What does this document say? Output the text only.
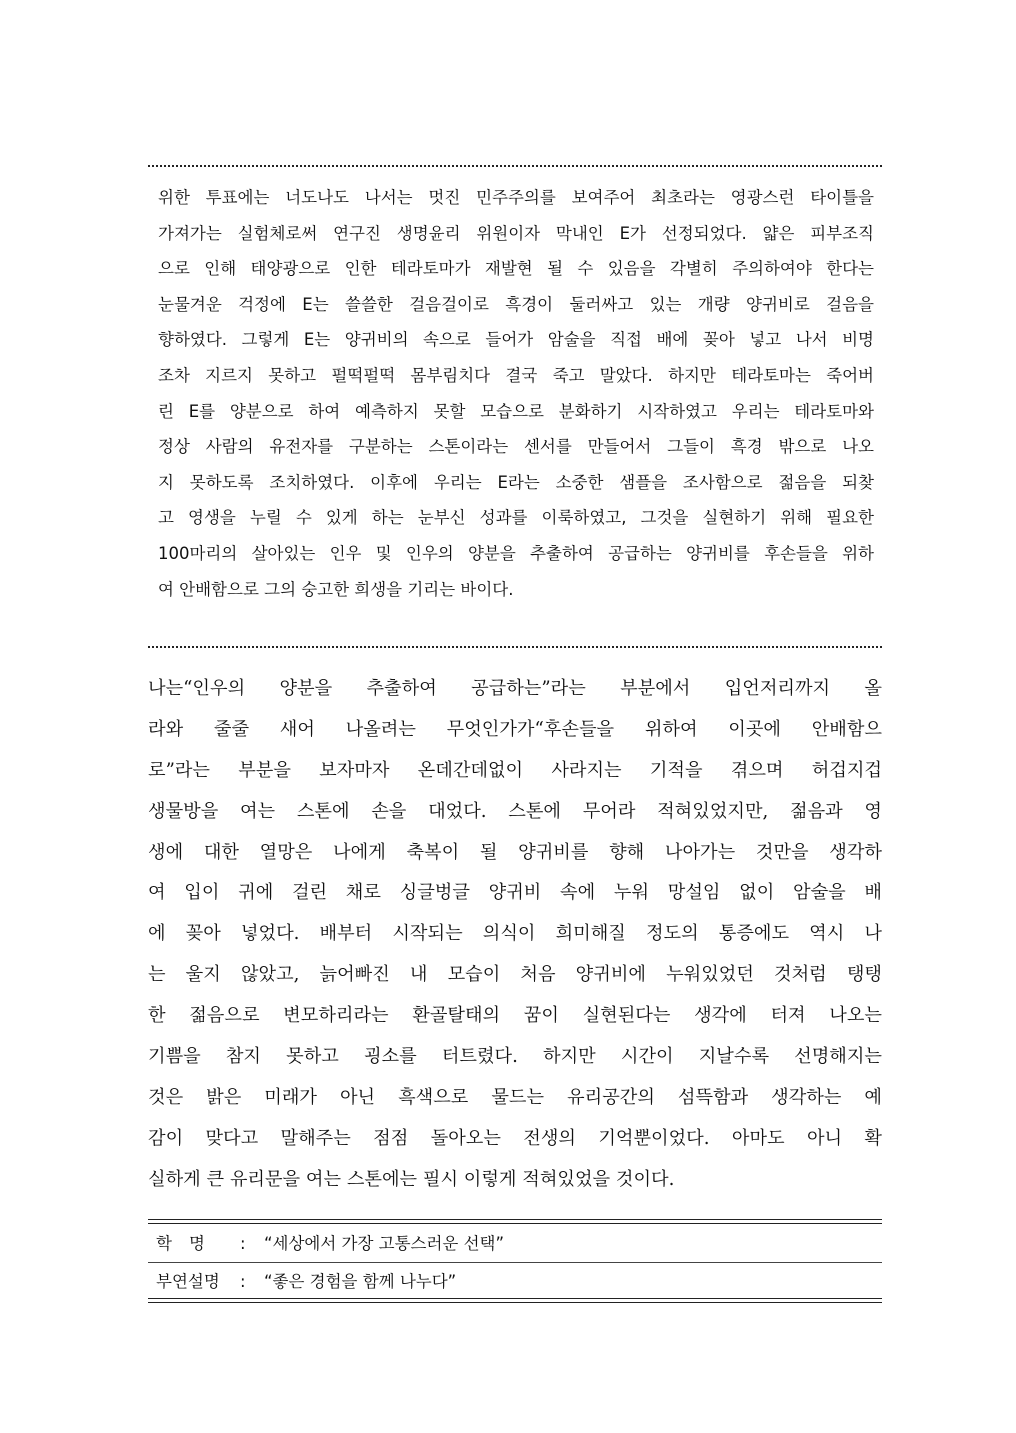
위한 투표에는 너도나도 나서는 멋진 민주주의를 보여주어 최초라는 영광스런 타이틀을
가져가는 실험체로써 연구진 생명윤리 위원이자 막내인 E가 선정되었다. 얇은 피부조직
으로 인해 태양광으로 인한 테라토마가 재발현 될 수 있음을 각별히 주의하여야 한다는
눈물겨운 걱정에 E는 쓸쓸한 걸음걸이로 흑경이 둘러싸고 있는 개량 양귀비로 걸음을
향하였다. 그렇게 E는 양귀비의 속으로 들어가 암술을 직접 배에 꽂아 넣고 나서 비명
조차 지르지 못하고 펄떡펄떡 몸부림치다 결국 죽고 말았다. 하지만 테라토마는 죽어버
린 E를 양분으로 하여 예측하지 못할 모습으로 분화하기 시작하였고 우리는 테라토마와
정상 사람의 유전자를 구분하는 스톤이라는 센서를 만들어서 그들이 흑경 밖으로 나오
지 못하도록 조치하였다. 이후에 우리는 E라는 소중한 샘플을 조사함으로 젊음을 되찾
고 영생을 누릴 수 있게 하는 눈부신 성과를 이룩하였고, 그것을 실현하기 위해 필요한
100마리의 살아있는 인우 및 인우의 양분을 추출하여 공급하는 양귀비를 후손들을 위하
여 안배함으로 그의 숭고한 희생을 기리는 바이다.
나는“인우의 양분을 추출하여 공급하는”라는 부분에서 입언저리까지 올
라와 줄줄 새어 나올려는 무엇인가가“후손들을 위하여 이곳에 안배함으
로”라는 부분을 보자마자 온데간데없이 사라지는 기적을 겪으며 허겁지겁
생물방을 여는 스톤에 손을 대었다. 스톤에 무어라 적혀있었지만, 젊음과 영
생에 대한 열망은 나에게 축복이 될 양귀비를 향해 나아가는 것만을 생각하
여 입이 귀에 걸린 채로 싱글벙글 양귀비 속에 누워 망설임 없이 암술을 배
에 꽂아 넣었다. 배부터 시작되는 의식이 희미해질 정도의 통증에도 역시 나
는 울지 않았고, 늙어빠진 내 모습이 처음 양귀비에 누워있었던 것처럼 탱탱
한 젊음으로 변모하리라는 환골탈태의 꿈이 실현된다는 생각에 터져 나오는
기쁨을 참지 못하고 굉소를 터트렸다. 하지만 시간이 지날수록 선명해지는
것은 밝은 미래가 아닌 흑색으로 물드는 유리공간의 섬뜩함과 생각하는 예
감이 맞다고 말해주는 점점 돌아오는 전생의 기억뿐이었다. 아마도 아니 확
실하게 큰 유리문을 여는 스톤에는 필시 이렇게 적혀있었을 것이다.
학명 : “세상에서 가장 고통스러운 선택”
부연설명 : “좋은 경험을 함께 나누다”
